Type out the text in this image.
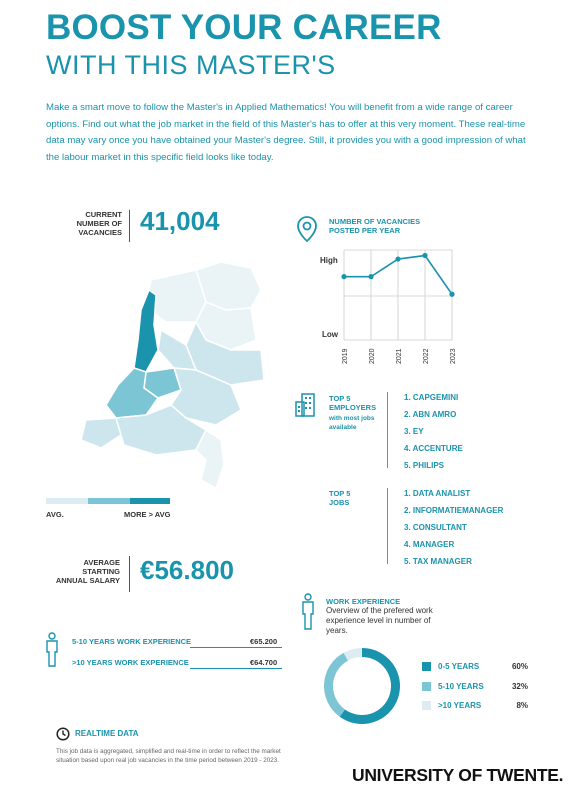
BOOST YOUR CAREER
WITH THIS MASTER'S
Make a smart move to follow the Master's in Applied Mathematics! You will benefit from a wide range of career options. Find out what the job market in the field of this Master's has to offer at this very moment. These real-time data may vary once you have obtained your Master's degree. Still, it provides you with a good impression of what the labour market in this specific field looks like today.
CURRENT NUMBER OF VACANCIES 41,004
AVG.	MORE > AVG
NUMBER OF VACANCIES POSTED PER YEAR
High
Low
2019	2020	2021	2022	2023
TOP 5 EMPLOYERS
with most jobs available
1. CAPGEMINI
2. ABN AMRO
3. EY
4. ACCENTURE
5. PHILIPS
TOP 5 JOBS
1. DATA ANALIST
2. INFORMATIEMANAGER
3. CONSULTANT
4. MANAGER
5. TAX MANAGER
AVERAGE STARTING ANNUAL SALARY €56.800
5-10 YEARS WORK EXPERIENCE	€65.200
>10 YEARS WORK EXPERIENCE	€64.700
WORK EXPERIENCE
Overview of the prefered work experience level in number of years.
0-5 YEARS	60%
5-10 YEARS	32%
>10 YEARS	8%
REALTIME DATA
This job data is aggregated, simplified and real-time in order to reflect the market situation based upon real job vacancies in the time period between 2019 - 2023.
UNIVERSITY OF TWENTE.
